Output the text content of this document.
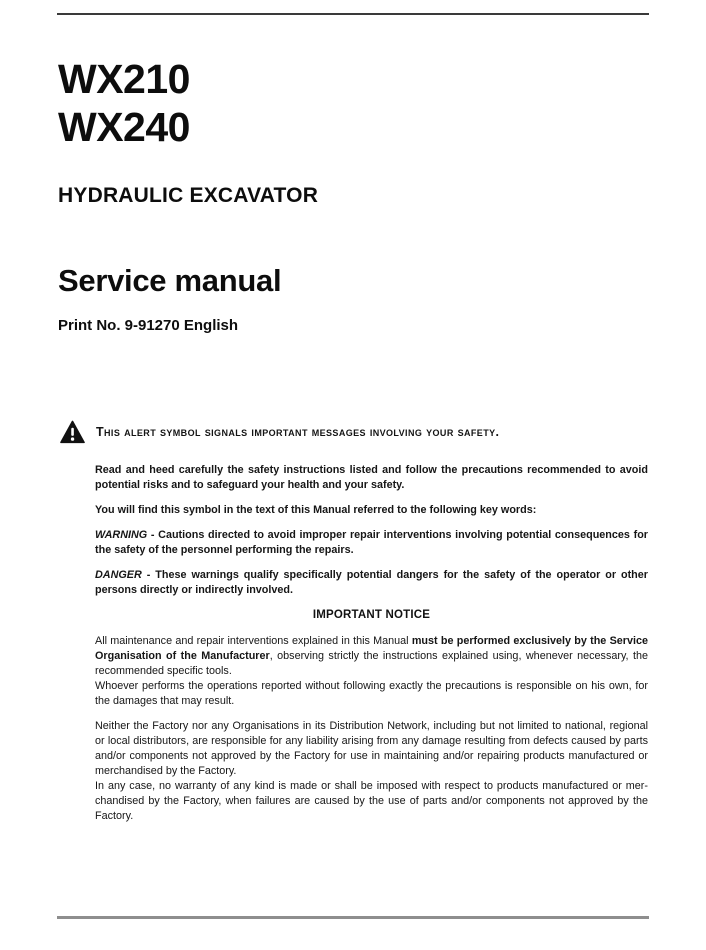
WX210
WX240
HYDRAULIC EXCAVATOR
Service manual
Print No. 9-91270 English
This alert symbol signals important messages involving your safety.

Read and heed carefully the safety instructions listed and follow the precautions recommended to avoid potential risks and to safeguard your health and your safety.

You will find this symbol in the text of this Manual referred to the following key words:

WARNING - Cautions directed to avoid improper repair interventions involving potential consequences for the safety of the personnel performing the repairs.

DANGER - These warnings qualify specifically potential dangers for the safety of the operator or other persons directly or indirectly involved.

IMPORTANT NOTICE

All maintenance and repair interventions explained in this Manual must be performed exclusively by the Service Organisation of the Manufacturer, observing strictly the instructions explained using, whenever necessary, the recommended specific tools.

Whoever performs the operations reported without following exactly the precautions is responsible on his own, for the damages that may result.

Neither the Factory nor any Organisations in its Distribution Network, including but not limited to national, regional or local distributors, are responsible for any liability arising from any damage resulting from defects caused by parts and/or components not approved by the Factory for use in maintaining and/or repairing products manufactured or merchandised by the Factory.

In any case, no warranty of any kind is made or shall be imposed with respect to products manufactured or merchandised by the Factory, when failures are caused by the use of parts and/or components not approved by the Factory.
